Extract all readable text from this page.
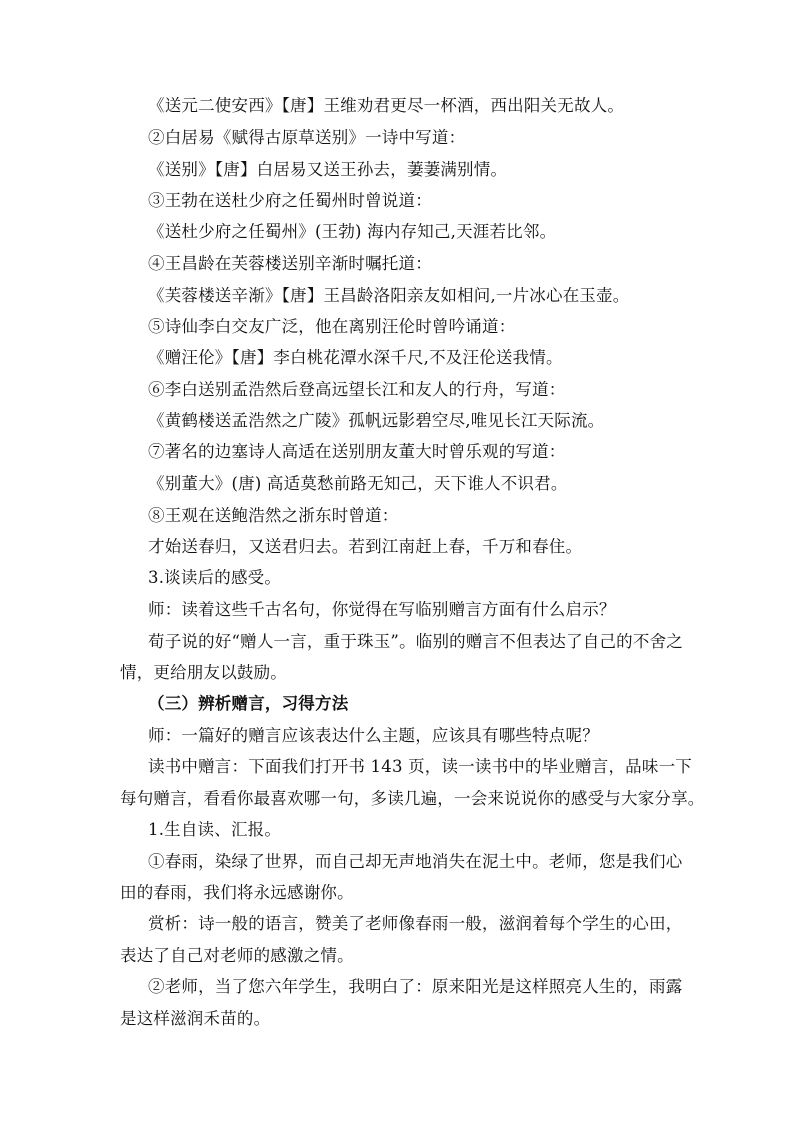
《送元二使安西》【唐】王维劝君更尽一杯酒，西出阳关无故人。
②白居易《赋得古原草送别》一诗中写道：
《送别》【唐】白居易又送王孙去，萋萋满别情。
③王勃在送杜少府之任蜀州时曾说道：
《送杜少府之任蜀州》(王勃) 海内存知己,天涯若比邻。
④王昌龄在芙蓉楼送别辛渐时嘱托道：
《芙蓉楼送辛渐》【唐】王昌龄洛阳亲友如相问,一片冰心在玉壶。
⑤诗仙李白交友广泛，他在离别汪伦时曾吟诵道：
《赠汪伦》【唐】李白桃花潭水深千尺,不及汪伦送我情。
⑥李白送别孟浩然后登高远望长江和友人的行舟，写道：
《黄鹤楼送孟浩然之广陵》孤帆远影碧空尽,唯见长江天际流。
⑦著名的边塞诗人高适在送别朋友董大时曾乐观的写道：
《别董大》(唐) 高适莫愁前路无知己，天下谁人不识君。
⑧王观在送鲍浩然之浙东时曾道：
才始送春归，又送君归去。若到江南赶上春，千万和春住。
3.谈读后的感受。
师：读着这些千古名句，你觉得在写临别赠言方面有什么启示？
荀子说的好“赠人一言，重于珠玉”。临别的赠言不但表达了自己的不舍之
情，更给朋友以鼓励。
（三）辨析赠言，习得方法
师：一篇好的赠言应该表达什么主题，应该具有哪些特点呢？
读书中赠言：下面我们打开书 143 页，读一读书中的毕业赠言，品味一下
每句赠言，看看你最喜欢哪一句，多读几遍，一会来说说你的感受与大家分享。
1.生自读、汇报。
①春雨，染绿了世界，而自己却无声地消失在泥土中。老师，您是我们心
田的春雨，我们将永远感谢你。
赏析：诗一般的语言，赞美了老师像春雨一般，滋润着每个学生的心田，
表达了自己对老师的感激之情。
②老师，当了您六年学生，我明白了：原来阳光是这样照亮人生的，雨露
是这样滋润禾苗的。
